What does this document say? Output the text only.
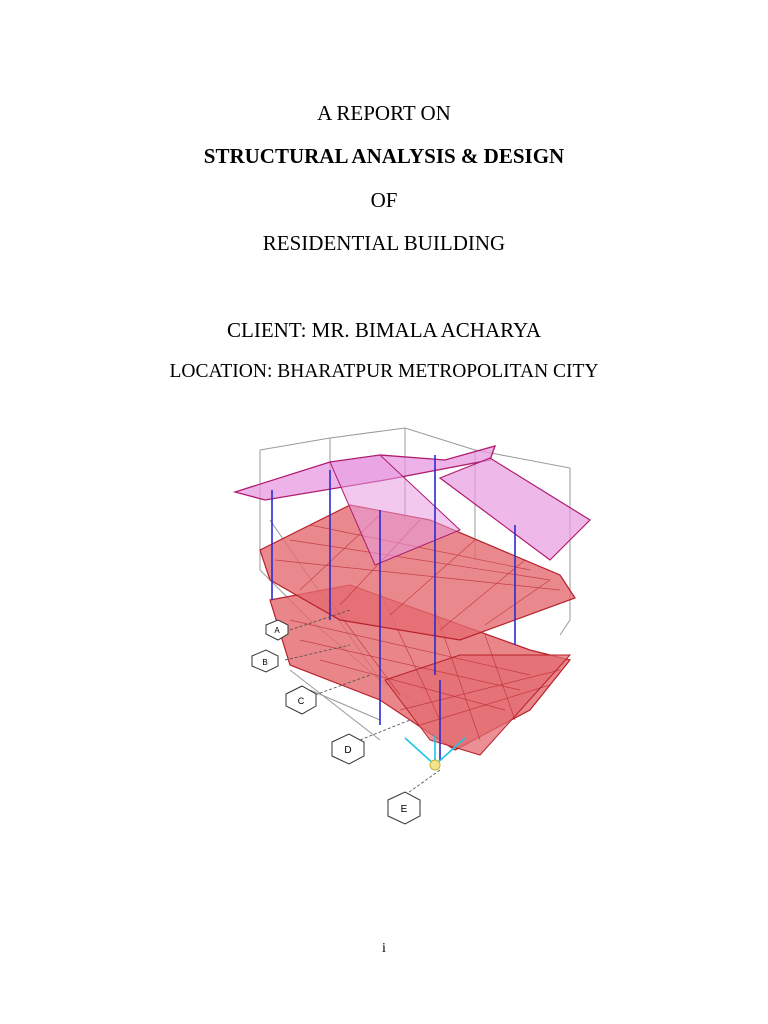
A REPORT ON
STRUCTURAL ANALYSIS & DESIGN
OF
RESIDENTIAL BUILDING
CLIENT: MR. BIMALA ACHARYA
LOCATION: BHARATPUR METROPOLITAN CITY
A
B
C
D
E
i
